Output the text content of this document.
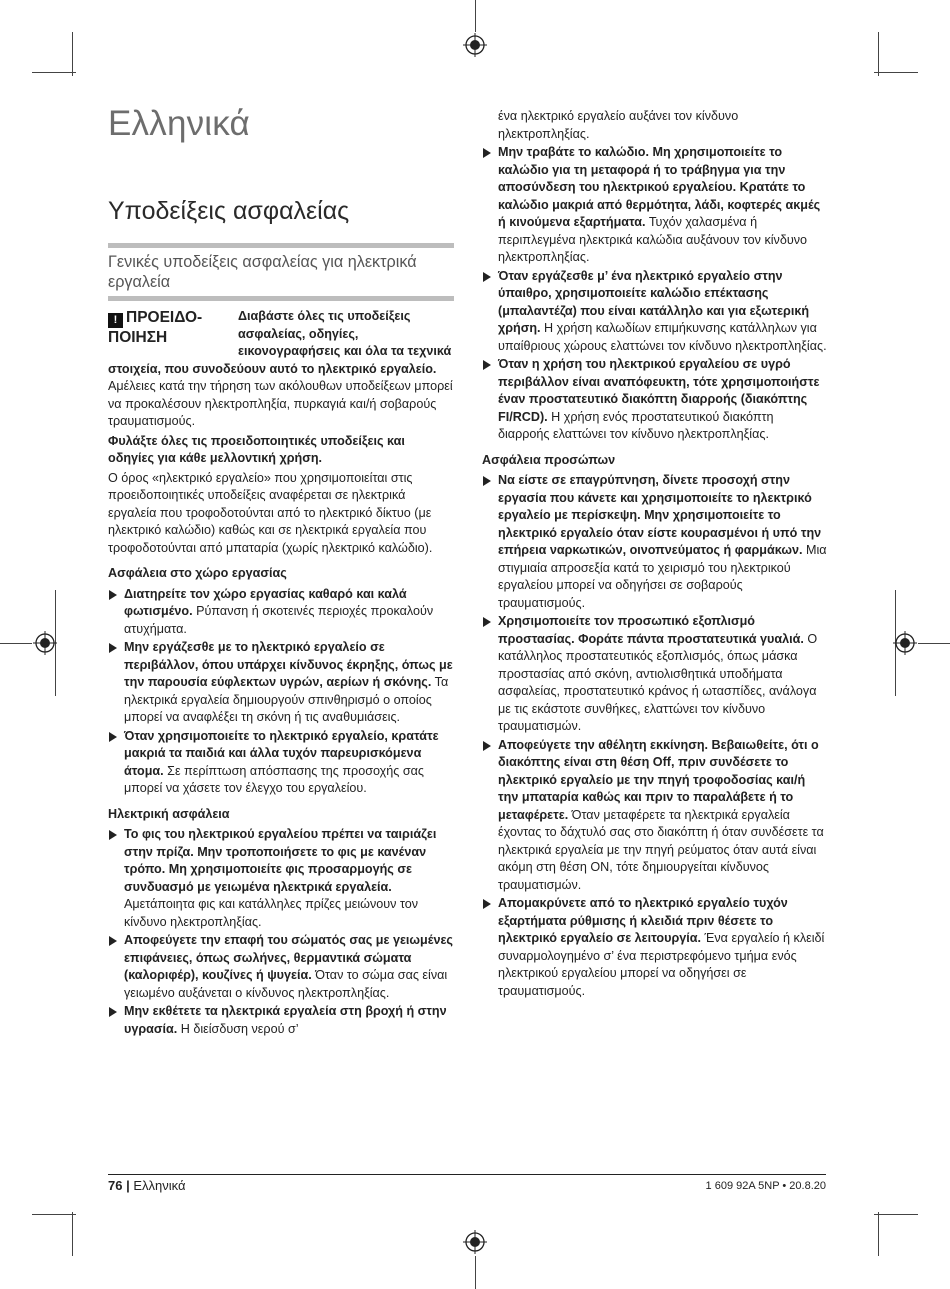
Ελληνικά
Υποδείξεις ασφαλείας
Γενικές υποδείξεις ασφαλείας για ηλεκτρικά εργαλεία
! ΠΡΟΕΙΔΟ-
ΠΟΙΗΣΗ

Διαβάστε όλες τις υποδείξεις ασφαλείας, οδηγίες, εικονογραφήσεις και όλα τα τεχνικά στοιχεία, που συνοδεύουν αυτό το ηλεκτρικό εργαλείο. Αμέλειες κατά την τήρηση των ακόλουθων υποδείξεων μπορεί να προκαλέσουν ηλεκτροπληξία, πυρκαγιά και/ή σοβαρούς τραυματισμούς.

Φυλάξτε όλες τις προειδοποιητικές υποδείξεις και οδηγίες για κάθε μελλοντική χρήση.

Ο όρος «ηλεκτρικό εργαλείο» που χρησιμοποιείται στις προειδοποιητικές υποδείξεις αναφέρεται σε ηλεκτρικά εργαλεία που τροφοδοτούνται από το ηλεκτρικό δίκτυο (με ηλεκτρικό καλώδιο) καθώς και σε ηλεκτρικά εργαλεία που τροφοδοτούνται από μπαταρία (χωρίς ηλεκτρικό καλώδιο).

Ασφάλεια στο χώρο εργασίας

Διατηρείτε τον χώρο εργασίας καθαρό και καλά φωτισμένο. Ρύπανση ή σκοτεινές περιοχές προκαλούν ατυχήματα.
Μην εργάζεσθε με το ηλεκτρικό εργαλείο σε περιβάλλον, όπου υπάρχει κίνδυνος έκρηξης, όπως με την παρουσία εύφλεκτων υγρών, αερίων ή σκόνης. Τα ηλεκτρικά εργαλεία δημιουργούν σπινθηρισμό ο οποίος μπορεί να αναφλέξει τη σκόνη ή τις αναθυμιάσεις.
Όταν χρησιμοποιείτε το ηλεκτρικό εργαλείο, κρατάτε μακριά τα παιδιά και άλλα τυχόν παρευρισκόμενα άτομα. Σε περίπτωση απόσπασης της προσοχής σας μπορεί να χάσετε τον έλεγχο του εργαλείου.

Ηλεκτρική ασφάλεια

Το φις του ηλεκτρικού εργαλείου πρέπει να ταιριάζει στην πρίζα. Μην τροποποιήσετε το φις με κανέναν τρόπο. Μη χρησιμοποιείτε φις προσαρμογής σε συνδυασμό με γειωμένα ηλεκτρικά εργαλεία. Αμετάποιητα φις και κατάλληλες πρίζες μειώνουν τον κίνδυνο ηλεκτροπληξίας.
Αποφεύγετε την επαφή του σώματός σας με γειωμένες επιφάνειες, όπως σωλήνες, θερμαντικά σώματα (καλοριφέρ), κουζίνες ή ψυγεία. Όταν το σώμα σας είναι γειωμένο αυξάνεται ο κίνδυνος ηλεκτροπληξίας.
Μην εκθέτετε τα ηλεκτρικά εργαλεία στη βροχή ή στην υγρασία. Η διείσδυση νερού σ’

ένα ηλεκτρικό εργαλείο αυξάνει τον κίνδυνο ηλεκτροπληξίας.

Μην τραβάτε το καλώδιο. Μη χρησιμοποιείτε το καλώδιο για τη μεταφορά ή το τράβηγμα για την αποσύνδεση του ηλεκτρικού εργαλείου. Κρατάτε το καλώδιο μακριά από θερμότητα, λάδι, κοφτερές ακμές ή κινούμενα εξαρτήματα. Τυχόν χαλασμένα ή περιπλεγμένα ηλεκτρικά καλώδια αυξάνουν τον κίνδυνο ηλεκτροπληξίας.
Όταν εργάζεσθε μ’ ένα ηλεκτρικό εργαλείο στην ύπαιθρο, χρησιμοποιείτε καλώδιο επέκτασης (μπαλαντέζα) που είναι κατάλληλο και για εξωτερική χρήση. Η χρήση καλωδίων επιμήκυνσης κατάλληλων για υπαίθριους χώρους ελαττώνει τον κίνδυνο ηλεκτροπληξίας.
Όταν η χρήση του ηλεκτρικού εργαλείου σε υγρό περιβάλλον είναι αναπόφευκτη, τότε χρησιμοποιήστε έναν προστατευτικό διακόπτη διαρροής (διακόπτης FI/RCD). Η χρήση ενός προστατευτικού διακόπτη διαρροής ελαττώνει τον κίνδυνο ηλεκτροπληξίας.

Ασφάλεια προσώπων

Να είστε σε επαγρύπνηση, δίνετε προσοχή στην εργασία που κάνετε και χρησιμοποιείτε το ηλεκτρικό εργαλείο με περίσκεψη. Μην χρησιμοποιείτε το ηλεκτρικό εργαλείο όταν είστε κουρασμένοι ή υπό την επήρεια ναρκωτικών, οινοπνεύματος ή φαρμάκων. Μια στιγμιαία απροσεξία κατά το χειρισμό του ηλεκτρικού εργαλείου μπορεί να οδηγήσει σε σοβαρούς τραυματισμούς.
Χρησιμοποιείτε τον προσωπικό εξοπλισμό προστασίας. Φοράτε πάντα προστατευτικά γυαλιά. Ο κατάλληλος προστατευτικός εξοπλισμός, όπως μάσκα προστασίας από σκόνη, αντιολισθητικά υποδήματα ασφαλείας, προστατευτικό κράνος ή ωτασπίδες, ανάλογα με τις εκάστοτε συνθήκες, ελαττώνει τον κίνδυνο τραυματισμών.
Αποφεύγετε την αθέλητη εκκίνηση. Βεβαιωθείτε, ότι ο διακόπτης είναι στη θέση Off, πριν συνδέσετε το ηλεκτρικό εργαλείο με την πηγή τροφοδοσίας και/ή την μπαταρία καθώς και πριν το παραλάβετε ή το μεταφέρετε. Όταν μεταφέρετε τα ηλεκτρικά εργαλεία έχοντας το δάχτυλό σας στο διακόπτη ή όταν συνδέσετε τα ηλεκτρικά εργαλεία με την πηγή ρεύματος όταν αυτά είναι ακόμη στη θέση ON, τότε δημιουργείται κίνδυνος τραυματισμών.
Απομακρύνετε από το ηλεκτρικό εργαλείο τυχόν εξαρτήματα ρύθμισης ή κλειδιά πριν θέσετε το ηλεκτρικό εργαλείο σε λειτουργία. Ένα εργαλείο ή κλειδί συναρμολογημένο σ’ ένα περιστρεφόμενο τμήμα ενός ηλεκτρικού εργαλείου μπορεί να οδηγήσει σε τραυματισμούς.
76 | Ελληνικά	1 609 92A 5NP • 20.8.20
